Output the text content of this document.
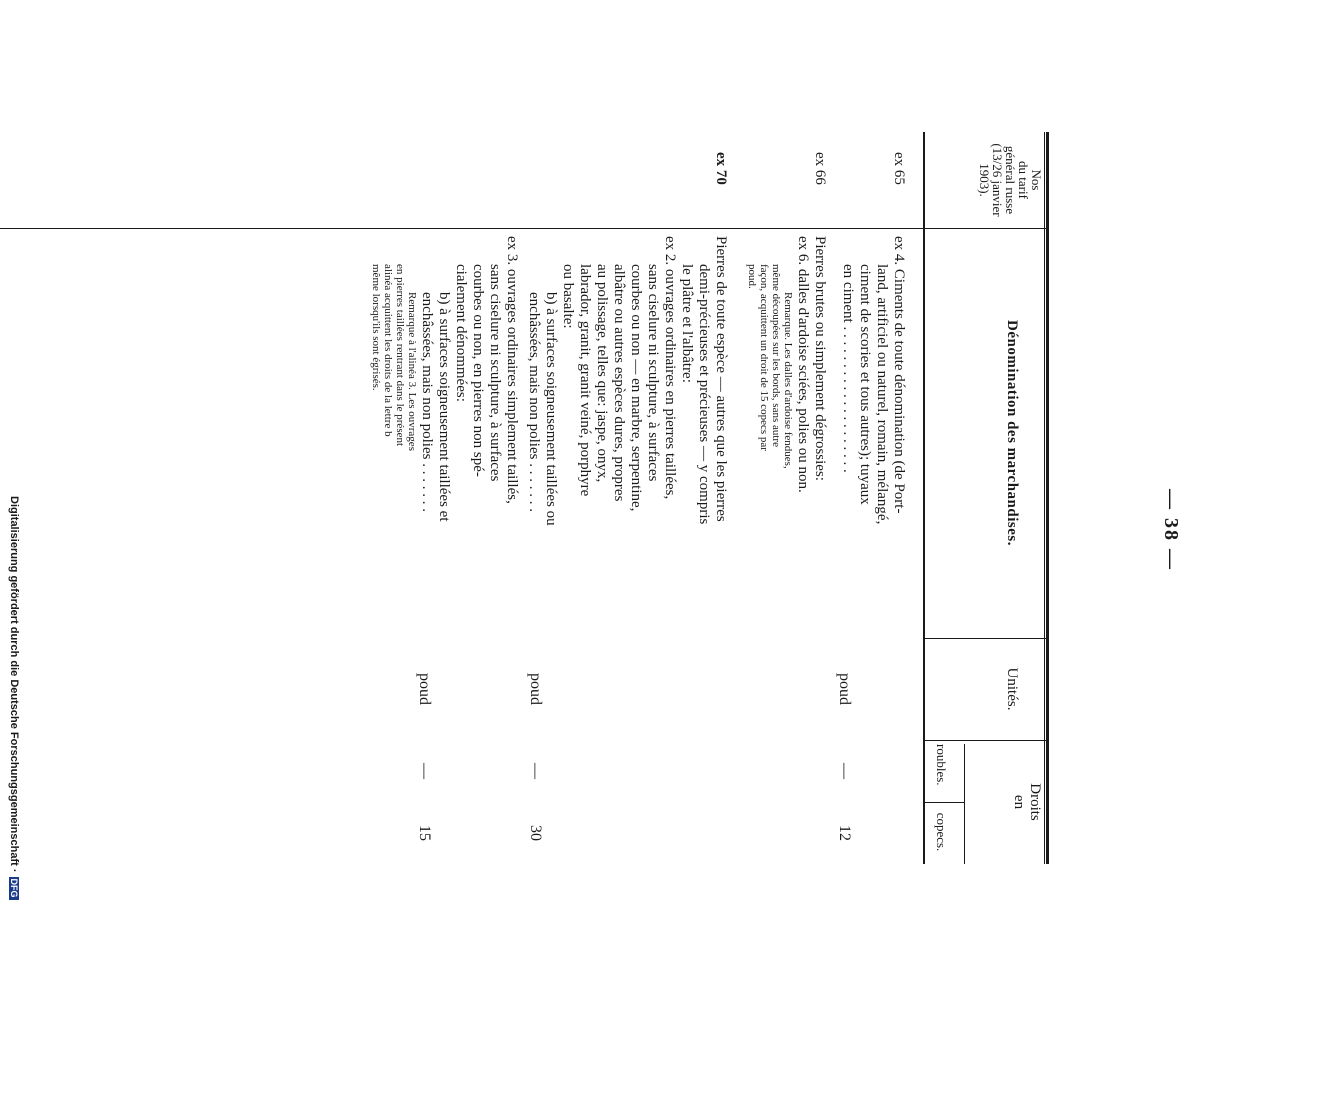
— 38 —
Nos
du tarif
général russe
(13/26 janvier
1903).
Dénomination des marchandises.
Unités.
Droits
en
roubles.
copecs.
ex 65
ex 4. Ciments de toute dénomination (de Port-
land, artificiel ou naturel, romain, mélangé,
ciment de scories et tous autres); tuyaux
en ciment . . . . . . . . . . . . . . . . . . . .
poud
—
12
ex 66
Pierres brutes ou simplement dégrossies:
ex 6. dalles d'ardoise sciées, polies ou non.
Remarque. Les dalles d'ardoise fendues,
même découpées sur les bords, sans autre
façon, acquittent un droit de 15 copecs par
poud.
ex 70
Pierres de toute espèce — autres que les pierres
demi-précieuses et précieuses — y compris
le plâtre et l'albâtre:
ex 2. ouvrages ordinaires en pierres taillées,
sans ciselure ni sculpture, à surfaces
courbes ou non — en marbre, serpentine,
albâtre ou autres espèces dures, propres
au polissage, telles que: jaspe, onyx,
labrador, granit, granit veiné, porphyre
ou basalte:
b) à surfaces soigneusement taillées ou
enchâssées, mais non polies . . . . . . .
poud
—
30
ex 3. ouvrages ordinaires simplement taillés,
sans ciselure ni sculpture, à surfaces
courbes ou non, en pierres non spé-
cialement dénommées:
b) à surfaces soigneusement taillées et
enchâssées, mais non polies . . . . . . .
Remarque à l'alinéa 3. Les ouvrages
en pierres taillées rentrant dans le présent
alinéa acquittent les droits de la lettre b
même lorsqu'ils sont égrisés.
poud
—
15
Digitalisierung gefördert durch die Deutsche Forschungsgemeinschaft ·DFG
